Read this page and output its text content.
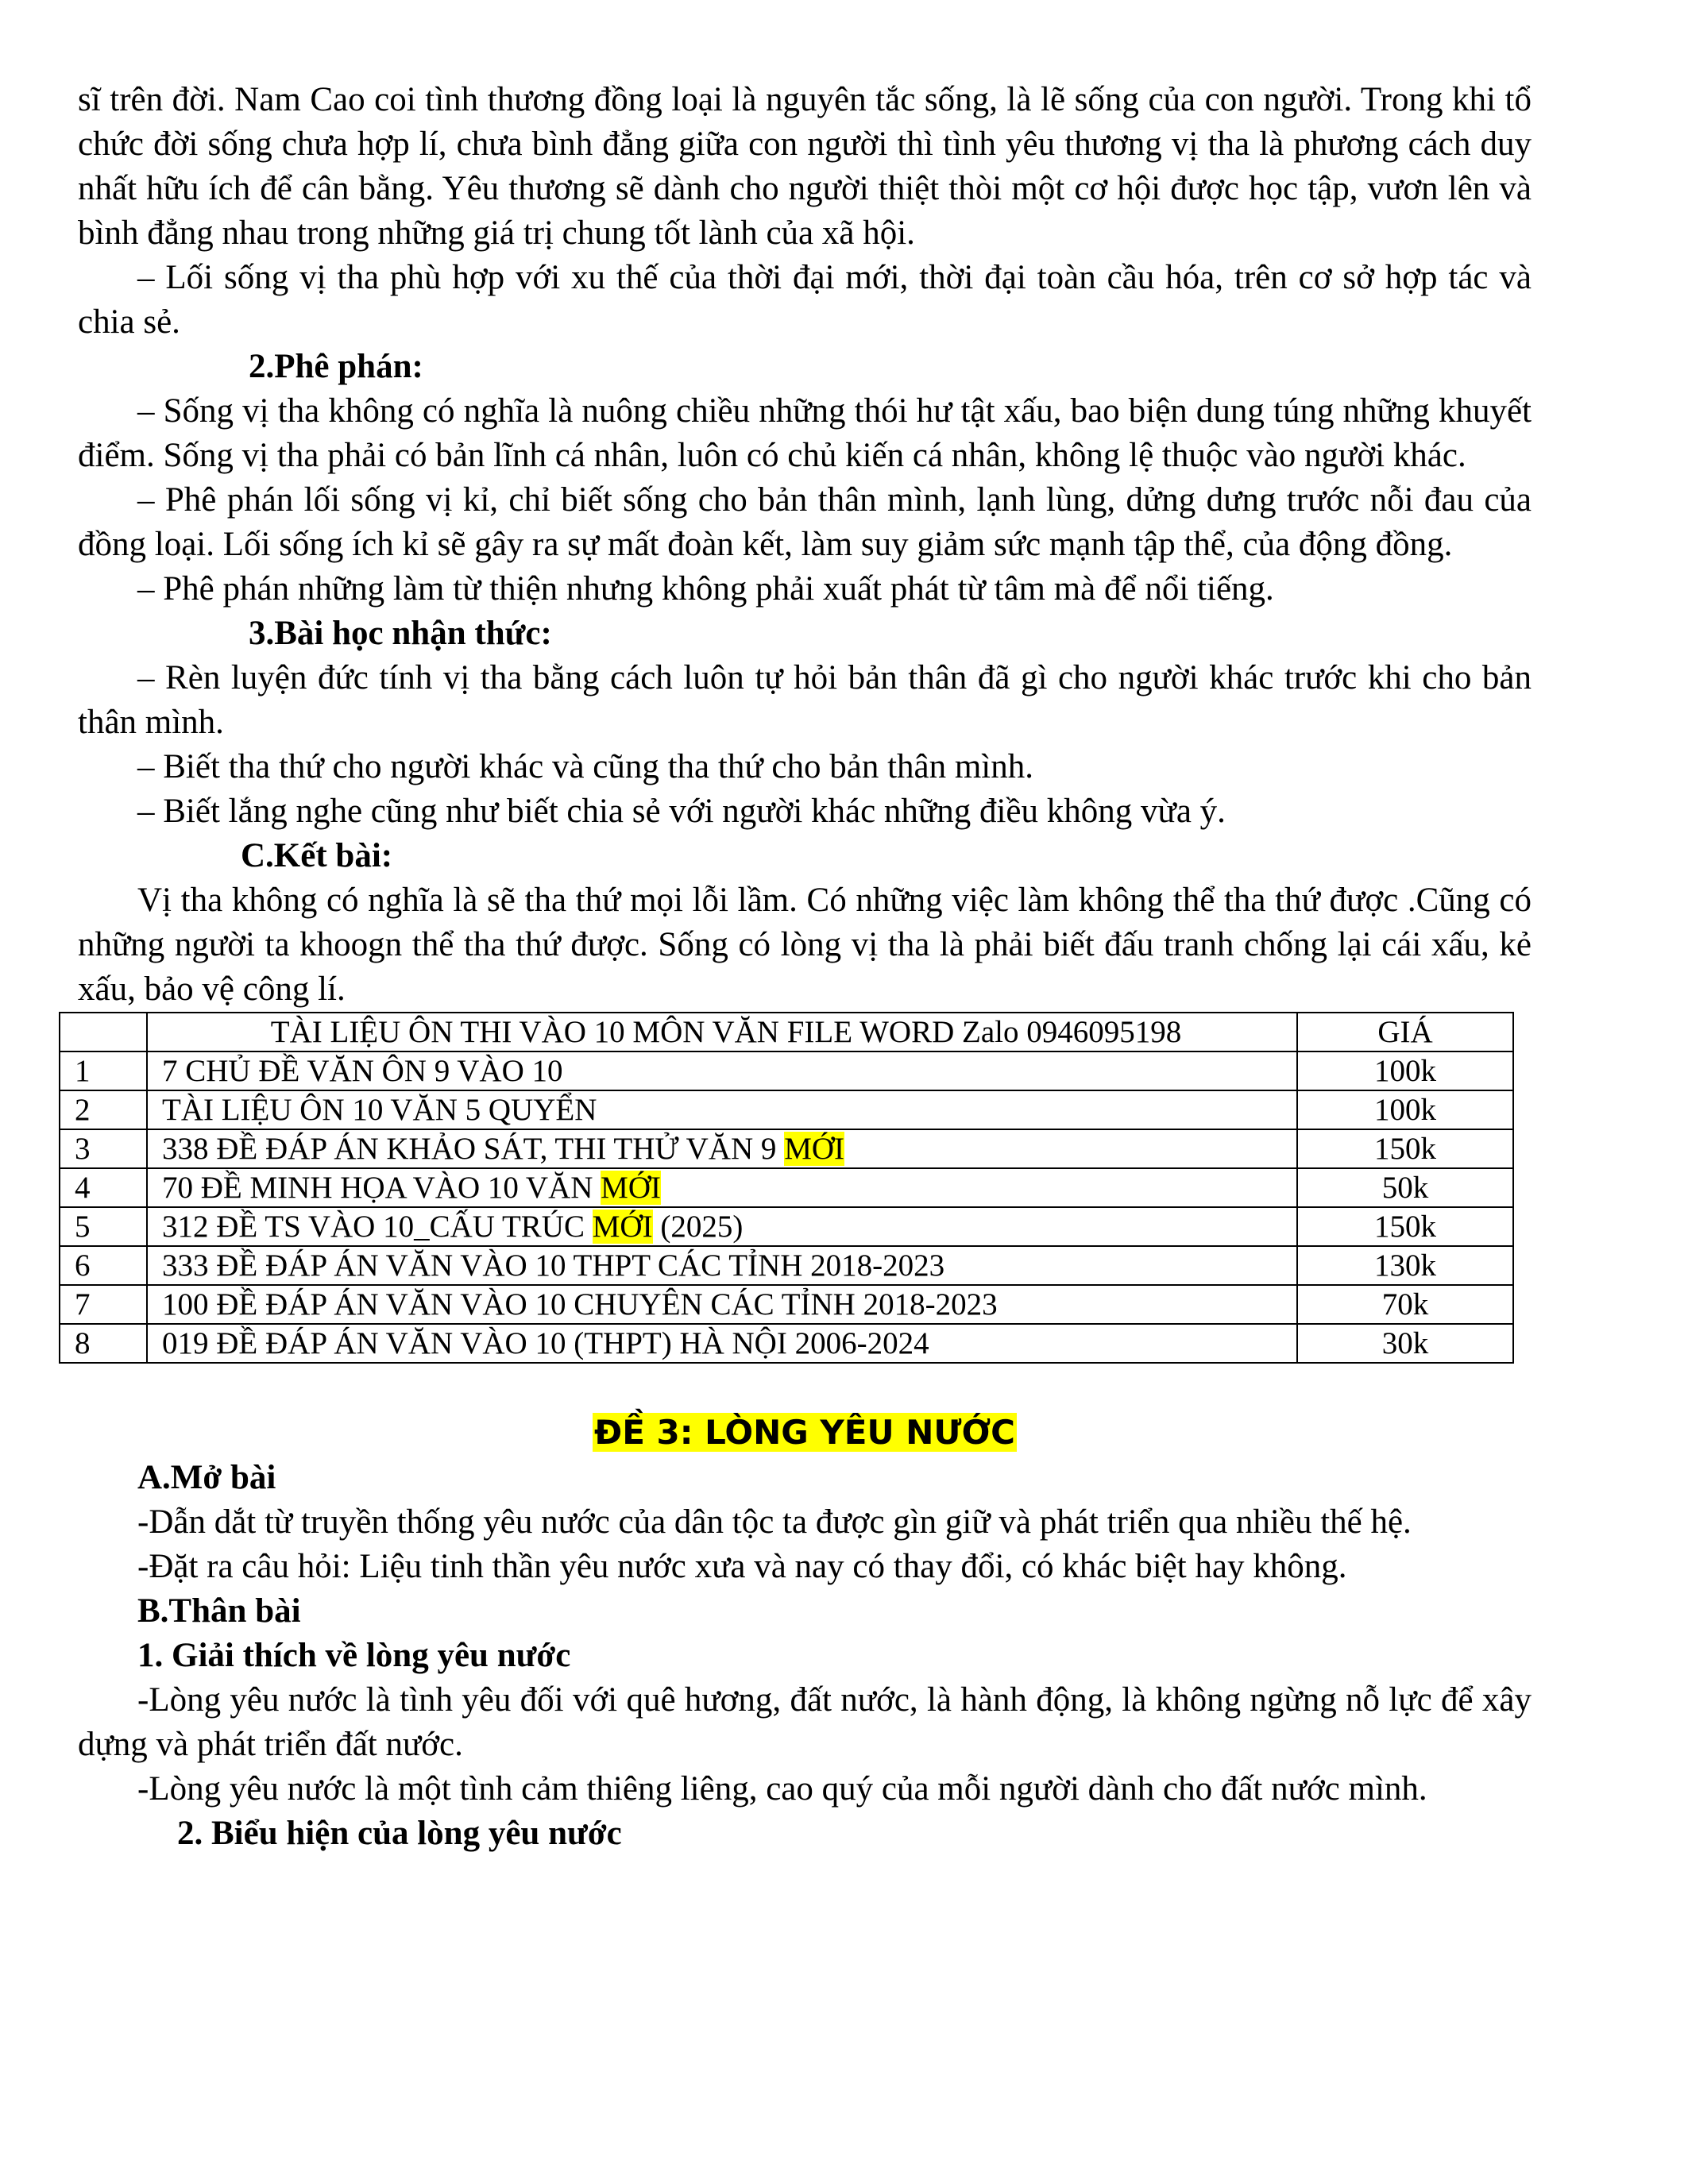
sĩ trên đời. Nam Cao coi tình thương đồng loại là nguyên tắc sống, là lẽ sống của con người. Trong khi tổ chức đời sống chưa hợp lí, chưa bình đẳng giữa con người thì tình yêu thương vị tha là phương cách duy nhất hữu ích để cân bằng. Yêu thương sẽ dành cho người thiệt thòi một cơ hội được học tập, vươn lên và bình đẳng nhau trong những giá trị chung tốt lành của xã hội.

– Lối sống vị tha phù hợp với xu thế của thời đại mới, thời đại toàn cầu hóa, trên cơ sở hợp tác và chia sẻ.

2.Phê phán:

– Sống vị tha không có nghĩa là nuông chiều những thói hư tật xấu, bao biện dung túng những khuyết điểm. Sống vị tha phải có bản lĩnh cá nhân, luôn có chủ kiến cá nhân, không lệ thuộc vào người khác.

– Phê phán lối sống vị kỉ, chỉ biết sống cho bản thân mình, lạnh lùng, dửng dưng trước nỗi đau của đồng loại. Lối sống ích kỉ sẽ gây ra sự mất đoàn kết, làm suy giảm sức mạnh tập thể, của động đồng.

– Phê phán những làm từ thiện nhưng không phải xuất phát từ tâm mà để nổi tiếng.

3.Bài học nhận thức:

– Rèn luyện đức tính vị tha bằng cách luôn tự hỏi bản thân đã gì cho người khác trước khi cho bản thân mình.

– Biết tha thứ cho người khác và cũng tha thứ cho bản thân mình.

– Biết lắng nghe cũng như biết chia sẻ với người khác những điều không vừa ý.

C.Kết bài:

Vị tha không có nghĩa là sẽ tha thứ mọi lỗi lầm. Có những việc làm không thể tha thứ được .Cũng có những người ta khoogn thể tha thứ được. Sống có lòng vị tha là phải biết đấu tranh chống lại cái xấu, kẻ xấu, bảo vệ công lí.

	TÀI LIỆU ÔN THI VÀO 10 MÔN VĂN FILE WORD Zalo 0946095198	GIÁ
1	7 CHỦ ĐỀ VĂN ÔN 9 VÀO 10	100k
2	TÀI LIỆU ÔN 10 VĂN 5 QUYỂN	100k
3	338 ĐỀ ĐÁP ÁN KHẢO SÁT, THI THỬ VĂN 9 MỚI	150k
4	70 ĐỀ MINH HỌA VÀO 10 VĂN MỚI	50k
5	312 ĐỀ TS VÀO 10_CẤU TRÚC MỚI (2025)	150k
6	333 ĐỀ ĐÁP ÁN VĂN VÀO 10 THPT CÁC TỈNH 2018-2023	130k
7	100 ĐỀ ĐÁP ÁN VĂN VÀO 10 CHUYÊN CÁC TỈNH 2018-2023	70k
8	019 ĐỀ ĐÁP ÁN VĂN VÀO 10 (THPT) HÀ NỘI 2006-2024	30k

ĐỀ 3: LÒNG YÊU NƯỚC

A.Mở bài

-Dẫn dắt từ truyền thống yêu nước của dân tộc ta được gìn giữ và phát triển qua nhiều thế hệ.

-Đặt ra câu hỏi: Liệu tinh thần yêu nước xưa và nay có thay đổi, có khác biệt hay không.

B.Thân bài

1. Giải thích về lòng yêu nước

-Lòng yêu nước là tình yêu đối với quê hương, đất nước, là hành động, là không ngừng nỗ lực để xây dựng và phát triển đất nước.

-Lòng yêu nước là một tình cảm thiêng liêng, cao quý của mỗi người dành cho đất nước mình.

2. Biểu hiện của lòng yêu nước
